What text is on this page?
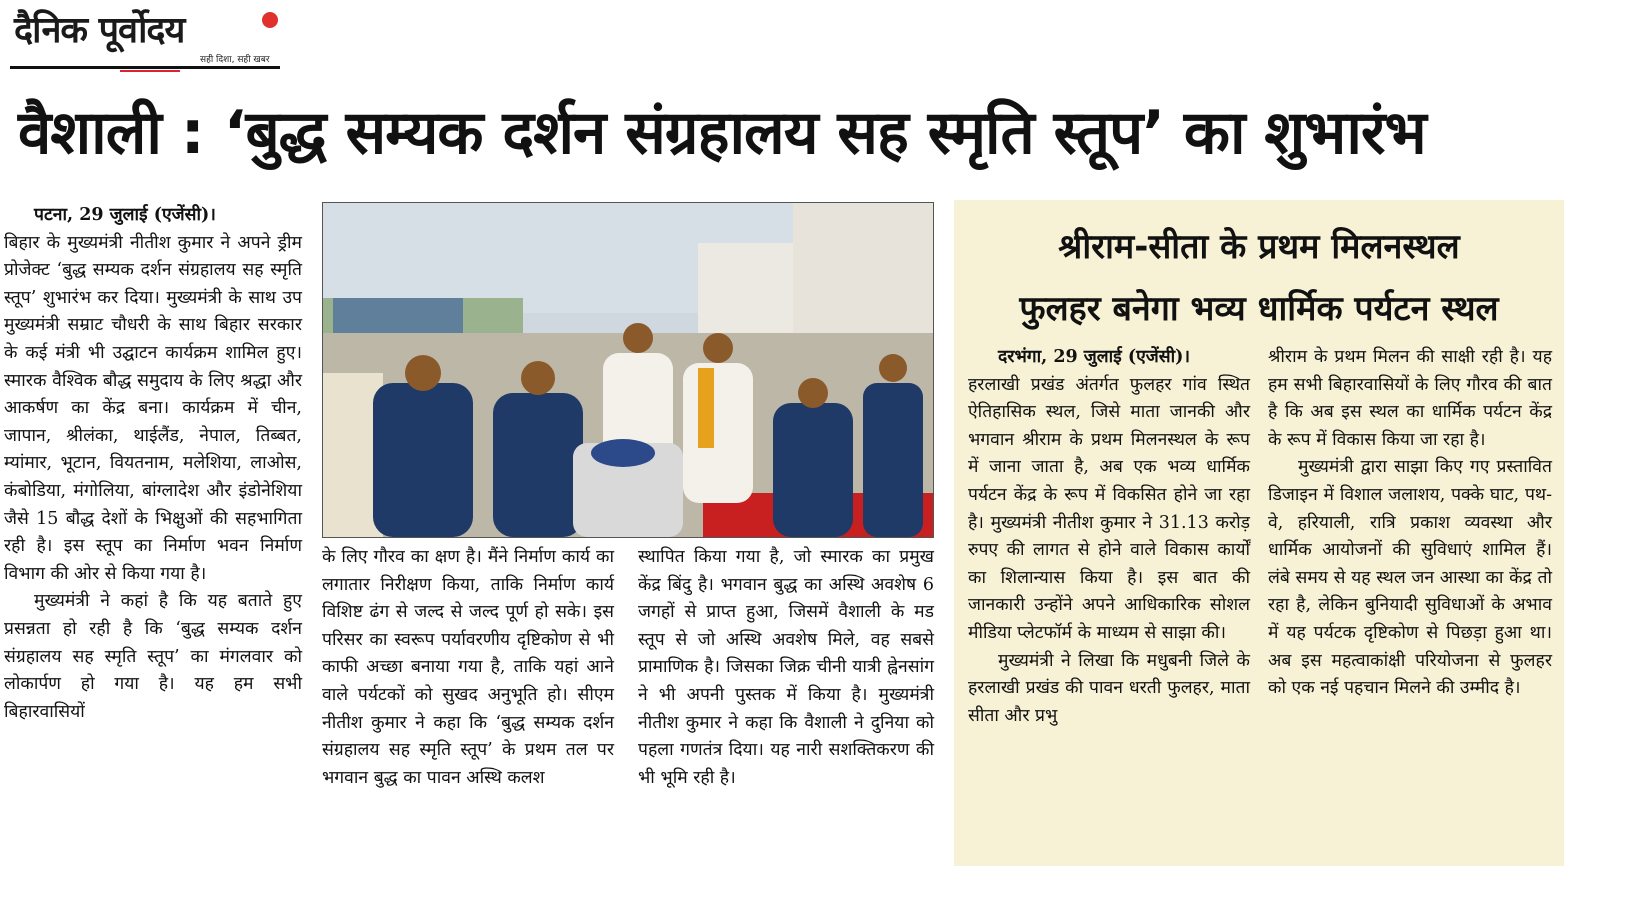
दैनिक पूर्वोदय
सही दिशा, सही खबर
वैशाली : ‘बुद्ध सम्यक दर्शन संग्रहालय सह स्मृति स्तूप’ का शुभारंभ

पटना, 29 जुलाई (एजेंसी)।
बिहार के मुख्यमंत्री नीतीश कुमार ने अपने ड्रीम प्रोजेक्ट ‘बुद्ध सम्यक दर्शन संग्रहालय सह स्मृति स्तूप’ शुभारंभ कर दिया। मुख्यमंत्री के साथ उप मुख्यमंत्री सम्राट चौधरी के साथ बिहार सरकार के कई मंत्री भी उद्घाटन कार्यक्रम शामिल हुए। स्मारक वैश्विक बौद्ध समुदाय के लिए श्रद्धा और आकर्षण का केंद्र बना। कार्यक्रम में चीन, जापान, श्रीलंका, थाईलैंड, नेपाल, तिब्बत, म्यांमार, भूटान, वियतनाम, मलेशिया, लाओस, कंबोडिया, मंगोलिया, बांग्लादेश और इंडोनेशिया जैसे 15 बौद्ध देशों के भिक्षुओं की सहभागिता रही है। इस स्तूप का निर्माण भवन निर्माण विभाग की ओर से किया गया है।

मुख्यमंत्री ने कहां है कि यह बताते हुए प्रसन्नता हो रही है कि ‘बुद्ध सम्यक दर्शन संग्रहालय सह स्मृति स्तूप’ का मंगलवार को लोकार्पण हो गया है। यह हम सभी बिहारवासियों

के लिए गौरव का क्षण है। मैंने निर्माण कार्य का लगातार निरीक्षण किया, ताकि निर्माण कार्य विशिष्ट ढंग से जल्द से जल्द पूर्ण हो सके। इस परिसर का स्वरूप पर्यावरणीय दृष्टिकोण से भी काफी अच्छा बनाया गया है, ताकि यहां आने वाले पर्यटकों को सुखद अनुभूति हो। सीएम नीतीश कुमार ने कहा कि ‘बुद्ध सम्यक दर्शन संग्रहालय सह स्मृति स्तूप’ के प्रथम तल पर भगवान बुद्ध का पावन अस्थि कलश
स्थापित किया गया है, जो स्मारक का प्रमुख केंद्र बिंदु है। भगवान बुद्ध का अस्थि अवशेष 6 जगहों से प्राप्त हुआ, जिसमें वैशाली के मड स्तूप से जो अस्थि अवशेष मिले, वह सबसे प्रामाणिक है। जिसका जिक्र चीनी यात्री ह्वेनसांग ने भी अपनी पुस्तक में किया है। मुख्यमंत्री नीतीश कुमार ने कहा कि वैशाली ने दुनिया को पहला गणतंत्र दिया। यह नारी सशक्तिकरण की भी भूमि रही है।
श्रीराम-सीता के प्रथम मिलनस्थल
फुलहर बनेगा भव्य धार्मिक पर्यटन स्थल

दरभंगा, 29 जुलाई (एजेंसी)।
हरलाखी प्रखंड अंतर्गत फुलहर गांव स्थित ऐतिहासिक स्थल, जिसे माता जानकी और भगवान श्रीराम के प्रथम मिलनस्थल के रूप में जाना जाता है, अब एक भव्य धार्मिक पर्यटन केंद्र के रूप में विकसित होने जा रहा है। मुख्यमंत्री नीतीश कुमार ने 31.13 करोड़ रुपए की लागत से होने वाले विकास कार्यों का शिलान्यास किया है। इस बात की जानकारी उन्होंने अपने आधिकारिक सोशल मीडिया प्लेटफॉर्म के माध्यम से साझा की।

मुख्यमंत्री ने लिखा कि मधुबनी जिले के हरलाखी प्रखंड की पावन धरती फुलहर, माता सीता और प्रभु

श्रीराम के प्रथम मिलन की साक्षी रही है। यह हम सभी बिहारवासियों के लिए गौरव की बात है कि अब इस स्थल का धार्मिक पर्यटन केंद्र के रूप में विकास किया जा रहा है।

मुख्यमंत्री द्वारा साझा किए गए प्रस्तावित डिजाइन में विशाल जलाशय, पक्के घाट, पथ-वे, हरियाली, रात्रि प्रकाश व्यवस्था और धार्मिक आयोजनों की सुविधाएं शामिल हैं। लंबे समय से यह स्थल जन आस्था का केंद्र तो रहा है, लेकिन बुनियादी सुविधाओं के अभाव में यह पर्यटक दृष्टिकोण से पिछड़ा हुआ था। अब इस महत्वाकांक्षी परियोजना से फुलहर को एक नई पहचान मिलने की उम्मीद है।
